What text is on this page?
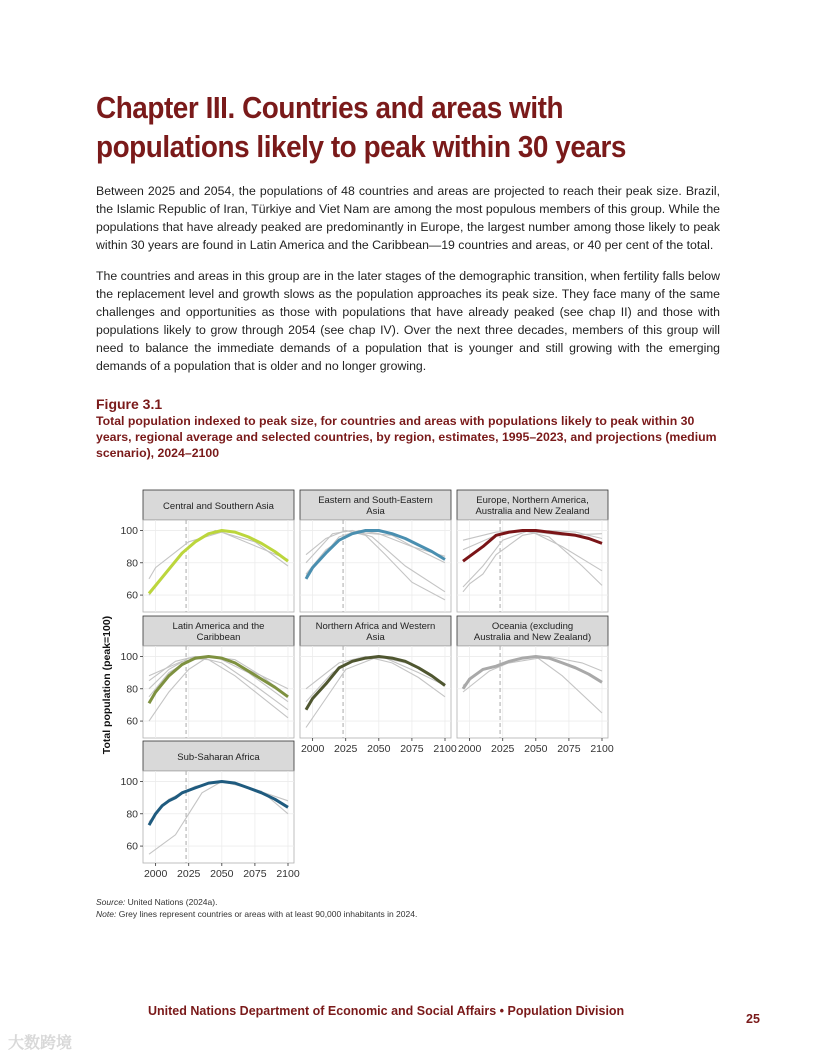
Chapter III. Countries and areas with populations likely to peak within 30 years

Between 2025 and 2054, the populations of 48 countries and areas are projected to reach their peak size. Brazil, the Islamic Republic of Iran, Türkiye and Viet Nam are among the most populous members of this group. While the populations that have already peaked are predominantly in Europe, the largest number among those likely to peak within 30 years are found in Latin America and the Caribbean—19 countries and areas, or 40 per cent of the total.

The countries and areas in this group are in the later stages of the demographic transition, when fertility falls below the replacement level and growth slows as the population approaches its peak size. They face many of the same challenges and opportunities as those with populations that have already peaked (see chap II) and those with populations likely to grow through 2054 (see chap IV). Over the next three decades, members of this group will need to balance the immediate demands of a population that is younger and still growing with the emerging demands of a population that is older and no longer growing.

Figure 3.1

Total population indexed to peak size, for countries and areas with populations likely to peak within 30 years, regional average and selected countries, by region, estimates, 1995–2023, and projections (medium scenario), 2024–2100

Central and Southern Asia
60
80
100
Eastern and South-Eastern Asia
Europe, Northern America, Australia and New Zealand
Latin America and the Caribbean
60
80
100
Northern Africa and Western Asia
2000 2025 2050 2075 2100
Oceania (excluding Australia and New Zealand)
2000 2025 2050 2075 2100
Sub-Saharan Africa
60
80
100
2000 2025 2050 2075 2100
Total population (peak=100)
Source: United Nations (2024a).
Note: Grey lines represent countries or areas with at least 90,000 inhabitants in 2024.
United Nations Department of Economic and Social Affairs • Population Division
25
大数跨境
